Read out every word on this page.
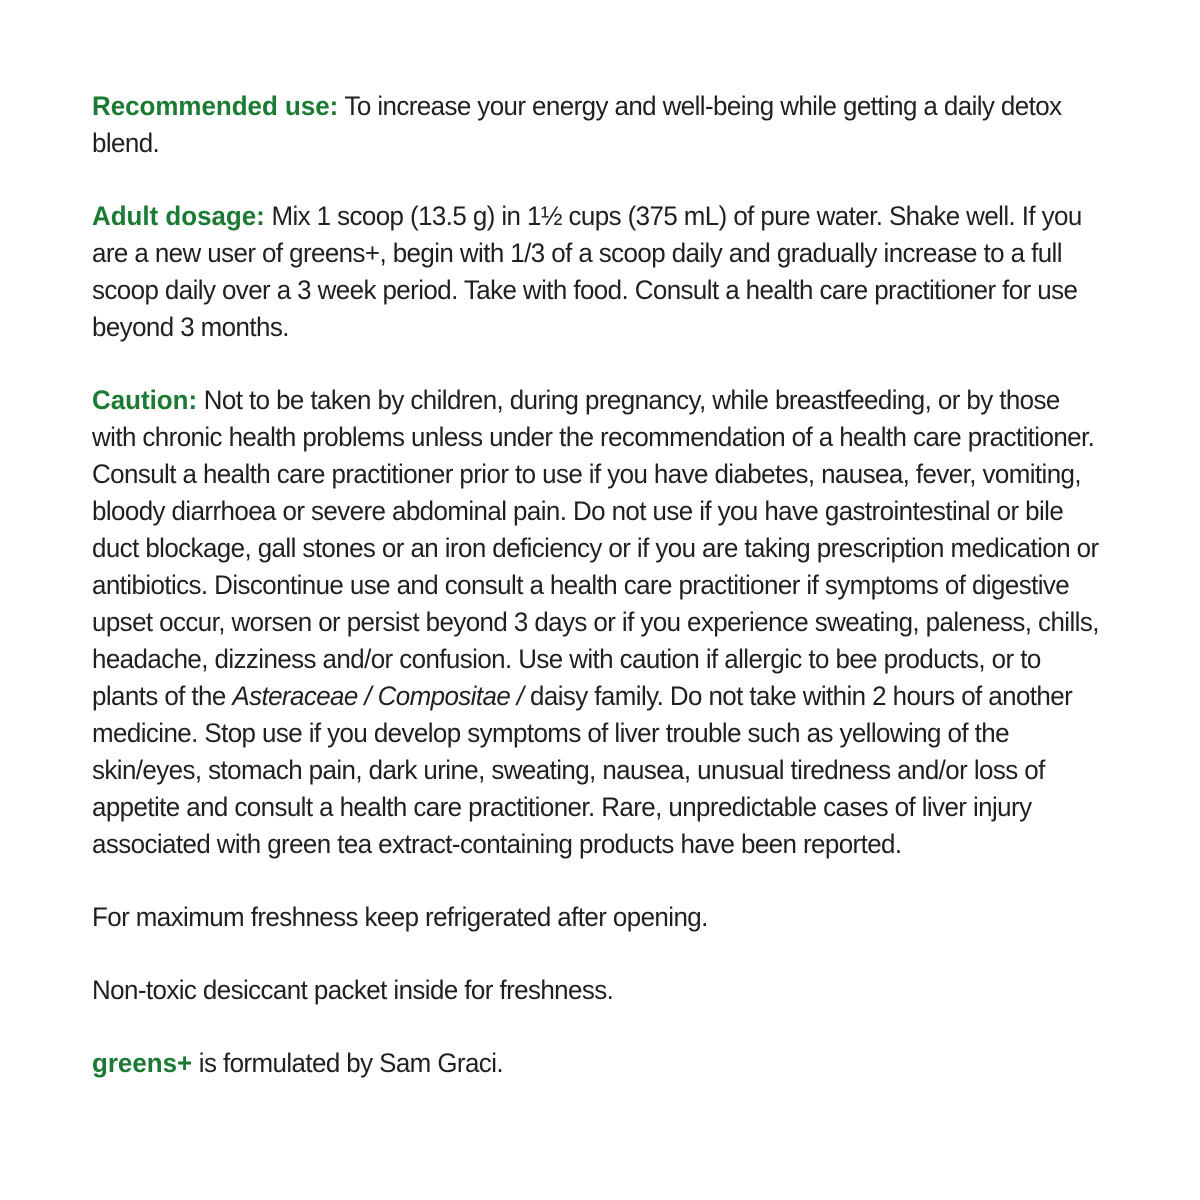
Recommended use: To increase your energy and well-being while getting a daily detox blend.

Adult dosage: Mix 1 scoop (13.5 g) in 1½ cups (375 mL) of pure water. Shake well. If you are a new user of greens+, begin with 1/3 of a scoop daily and gradually increase to a full scoop daily over a 3 week period. Take with food. Consult a health care practitioner for use beyond 3 months.

Caution: Not to be taken by children, during pregnancy, while breastfeeding, or by those with chronic health problems unless under the recommendation of a health care practitioner. Consult a health care practitioner prior to use if you have diabetes, nausea, fever, vomiting, bloody diarrhoea or severe abdominal pain. Do not use if you have gastrointestinal or bile duct blockage, gall stones or an iron deficiency or if you are taking prescription medication or antibiotics. Discontinue use and consult a health care practitioner if symptoms of digestive upset occur, worsen or persist beyond 3 days or if you experience sweating, paleness, chills, headache, dizziness and/or confusion. Use with caution if allergic to bee products, or to plants of the Asteraceae / Compositae / daisy family. Do not take within 2 hours of another medicine. Stop use if you develop symptoms of liver trouble such as yellowing of the skin/eyes, stomach pain, dark urine, sweating, nausea, unusual tiredness and/or loss of appetite and consult a health care practitioner. Rare, unpredictable cases of liver injury associated with green tea extract-containing products have been reported.

For maximum freshness keep refrigerated after opening.

Non-toxic desiccant packet inside for freshness.

greens+ is formulated by Sam Graci.
